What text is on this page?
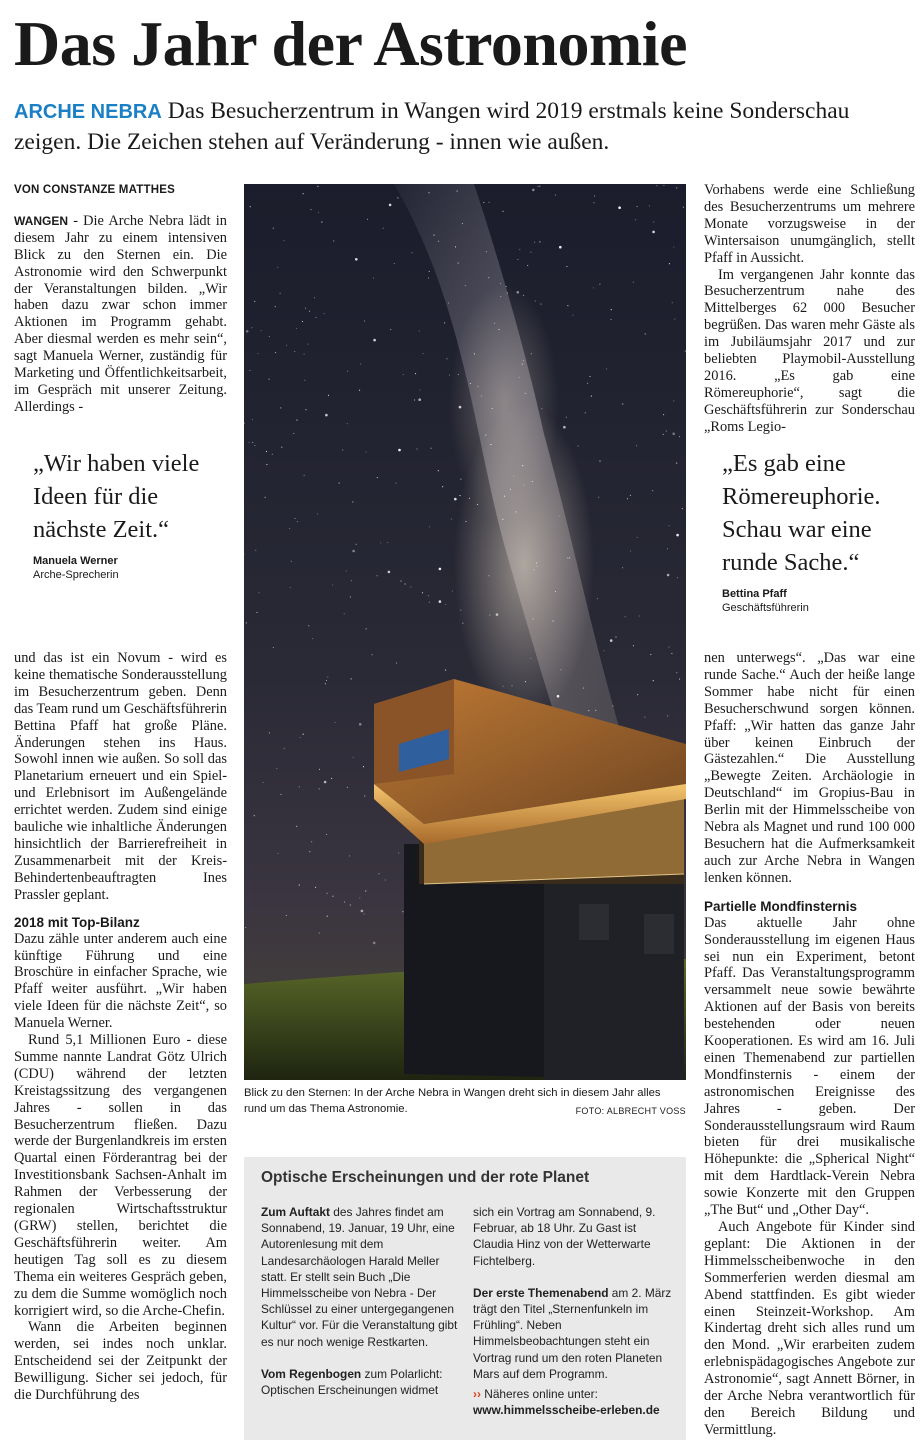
Das Jahr der Astronomie
ARCHE NEBRA Das Besucherzentrum in Wangen wird 2019 erstmals keine Sonderschau zeigen. Die Zeichen stehen auf Veränderung - innen wie außen.
VON CONSTANZE MATTHES

WANGEN - Die Arche Nebra lädt in diesem Jahr zu einem intensiven Blick zu den Sternen ein. Die Astronomie wird den Schwerpunkt der Veranstaltungen bilden. „Wir haben dazu zwar schon immer Aktionen im Programm gehabt. Aber diesmal werden es mehr sein“, sagt Manuela Werner, zuständig für Marketing und Öffentlichkeitsarbeit, im Gespräch mit unserer Zeitung. Allerdings -

„Wir haben viele Ideen für die nächste Zeit.“
Manuela Werner
Arche-Sprecherin

und das ist ein Novum - wird es keine thematische Sonderausstellung im Besucherzentrum geben. Denn das Team rund um Geschäftsführerin Bettina Pfaff hat große Pläne. Änderungen stehen ins Haus. Sowohl innen wie außen. So soll das Planetarium erneuert und ein Spiel- und Erlebnisort im Außengelände errichtet werden. Zudem sind einige bauliche wie inhaltliche Änderungen hinsichtlich der Barrierefreiheit in Zusammenarbeit mit der Kreis-Behindertenbeauftragten Ines Prassler geplant.

2018 mit Top-Bilanz

Dazu zähle unter anderem auch eine künftige Führung und eine Broschüre in einfacher Sprache, wie Pfaff weiter ausführt. „Wir haben viele Ideen für die nächste Zeit“, so Manuela Werner.

Rund 5,1 Millionen Euro - diese Summe nannte Landrat Götz Ulrich (CDU) während der letzten Kreistagssitzung des vergangenen Jahres - sollen in das Besucherzentrum fließen. Dazu werde der Burgenlandkreis im ersten Quartal einen Förderantrag bei der Investitionsbank Sachsen-Anhalt im Rahmen der Verbesserung der regionalen Wirtschaftsstruktur (GRW) stellen, berichtet die Geschäftsführerin weiter. Am heutigen Tag soll es zu diesem Thema ein weiteres Gespräch geben, zu dem die Summe womöglich noch korrigiert wird, so die Arche-Chefin.

Wann die Arbeiten beginnen werden, sei indes noch unklar. Entscheidend sei der Zeitpunkt der Bewilligung. Sicher sei jedoch, für die Durchführung des

Blick zu den Sternen: In der Arche Nebra in Wangen dreht sich in diesem Jahr alles rund um das Thema Astronomie.	FOTO: ALBRECHT VOSS
Optische Erscheinungen und der rote Planet

Zum Auftakt des Jahres findet am Sonnabend, 19. Januar, 19 Uhr, eine Autorenlesung mit dem Landesarchäologen Harald Meller statt. Er stellt sein Buch „Die Himmelsscheibe von Nebra - Der Schlüssel zu einer untergegangenen Kultur“ vor. Für die Veranstaltung gibt es nur noch wenige Restkarten.

Vom Regenbogen zum Polarlicht: Optischen Erscheinungen widmet

sich ein Vortrag am Sonnabend, 9. Februar, ab 18 Uhr. Zu Gast ist Claudia Hinz von der Wetterwarte Fichtelberg.

Der erste Themenabend am 2. März trägt den Titel „Sternenfunkeln im Frühling“. Neben Himmelsbeobachtungen steht ein Vortrag rund um den roten Planeten Mars auf dem Programm.

›› Näheres online unter:
www.himmelsscheibe-erleben.de

Vorhabens werde eine Schließung des Besucherzentrums um mehrere Monate vorzugsweise in der Wintersaison unumgänglich, stellt Pfaff in Aussicht.

Im vergangenen Jahr konnte das Besucherzentrum nahe des Mittelberges 62 000 Besucher begrüßen. Das waren mehr Gäste als im Jubiläumsjahr 2017 und zur beliebten Playmobil-Ausstellung 2016. „Es gab eine Römereuphorie“, sagt die Geschäftsführerin zur Sonderschau „Roms Legio-

„Es gab eine Römereuphorie. Schau war eine runde Sache.“
Bettina Pfaff
Geschäftsführerin

nen unterwegs“. „Das war eine runde Sache.“ Auch der heiße lange Sommer habe nicht für einen Besucherschwund sorgen können. Pfaff: „Wir hatten das ganze Jahr über keinen Einbruch der Gästezahlen.“ Die Ausstellung „Bewegte Zeiten. Archäologie in Deutschland“ im Gropius-Bau in Berlin mit der Himmelsscheibe von Nebra als Magnet und rund 100 000 Besuchern hat die Aufmerksamkeit auch zur Arche Nebra in Wangen lenken können.

Partielle Mondfinsternis

Das aktuelle Jahr ohne Sonderausstellung im eigenen Haus sei nun ein Experiment, betont Pfaff. Das Veranstaltungsprogramm versammelt neue sowie bewährte Aktionen auf der Basis von bereits bestehenden oder neuen Kooperationen. Es wird am 16. Juli einen Themenabend zur partiellen Mondfinsternis - einem der astronomischen Ereignisse des Jahres - geben. Der Sonderausstellungsraum wird Raum bieten für drei musikalische Höhepunkte: die „Spherical Night“ mit dem Hardtlack-Verein Nebra sowie Konzerte mit den Gruppen „The But“ und „Other Day“.

Auch Angebote für Kinder sind geplant: Die Aktionen in der Himmelsscheibenwoche in den Sommerferien werden diesmal am Abend stattfinden. Es gibt wieder einen Steinzeit-Workshop. Am Kindertag dreht sich alles rund um den Mond. „Wir erarbeiten zudem erlebnispädagogisches Angebote zur Astronomie“, sagt Annett Börner, in der Arche Nebra verantwortlich für den Bereich Bildung und Vermittlung.
